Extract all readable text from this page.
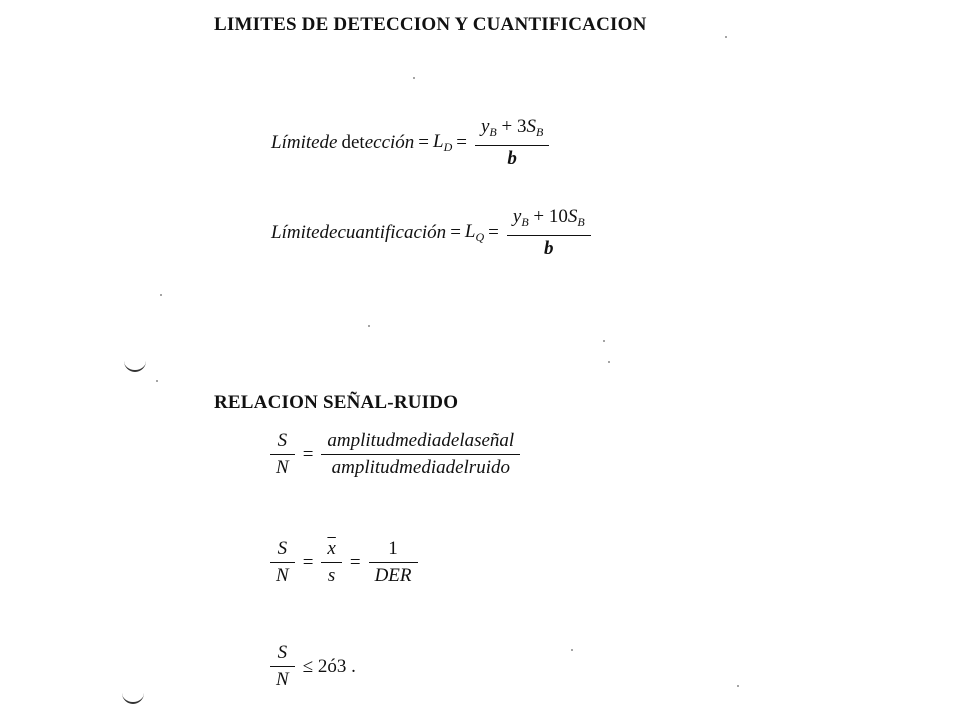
LIMITES DE DETECCION Y CUANTIFICACION
Límitede det ección = $L_D = \frac{y_B + 3S_B}{b}$
Límitedecuantificación = $L_Q = \frac{y_B + 10S_B}{b}$
RELACION SEÑAL-RUIDO
$\frac{S}{N} = \frac{\text{amplitudmediadelaseñal}}{\text{amplitudmediadelruido}}$
$\frac{S}{N} = \frac{\overline{x}}{s} = \frac{1}{\text{DER}}$
$\frac{S}{N}$ ≤ 2ó3 .
